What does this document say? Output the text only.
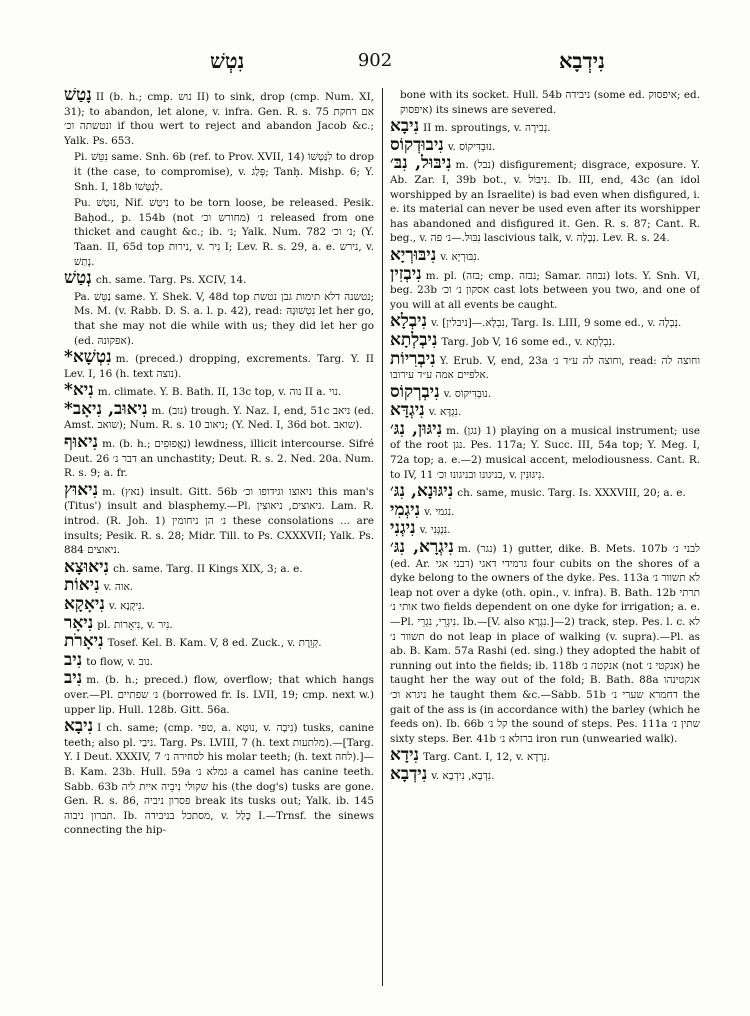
נִטְשׁ	902	נִידְבָא
נָטַשׁ II (b. h.; cmp. נוש II) to sink, drop (cmp. Num. XI, 31); to abandon, let alone, v. infra. Gen. R. s. 75 אם רחקת ונטשתה וכ׳ if thou wert to reject and abandon Jacob &c.; Yalk. Ps. 653.
Pi. נִטֵּשׁ same. Snh. 6b (ref. to Prov. XVII, 14) לִנַּטְּשׁוֹ to drop it (the case, to compromise), v. פְּלַג; Tanḥ. Mishp. 6; Y. Snh. I, 18b לִנַטְּשׁוֹ.
Pu. נוּטַשׁ, Nif. נִיטַשׁ to be torn loose, be released. Pesik. Baḥod., p. 154b (not מחורש וכ׳) נ׳ released from one thicket and caught &c.; ib. נ׳; Yalk. Num. 782 נ׳ וכ׳; (Y. Taan. II, 65d top נירות, v. נִיר I; Lev. R. s. 29, a. e. נירש, v. נָתַשׁ.
נְטַשׁ ch. same. Targ. Ps. XCIV, 14.
Pa. נַטֵּשׁ same. Y. Shek. V, 48d top נטשנה דלא תימות גבן נטשת; Ms. M. (v. Rabb. D. S. a. l. p. 42), read: נִטְשׁוּנָהּ let her go, that she may not die while with us; they did let her go (ed. אפקוּנהּ).
*נִטְשָׁא m. (preced.) dropping, excrements. Targ. Y. II Lev. I, 16 (h. text נוצה).
*נִיא m. climate. Y. B. Bath. II, 13c top, v. נוה II a. נוי.
*נִיאוּב, נִיאָב m. (נוב) trough. Y. Naz. I, end, 51c ניאב (ed. Amst. שואב); Num. R. s. 10 ניאוב; (Y. Ned. I, 36d bot. שואב).
נִיאוּף m. (b. h.; נַאֲפוּפִים) lewdness, illicit intercourse. Sifré Deut. 26 דבר נ׳ an unchastity; Deut. R. s. 2. Ned. 20a. Num. R. s. 9; a. fr.
נִיאוּץ m. (נאץ) insult. Gitt. 56b ניאוצו וגידופו וכ׳ this man's (Titus') insult and blasphemy.—Pl. ניאוצים, ניאוּצִין. Lam. R. introd. (R. Joh. 1) נ׳ הן ניחומין these consolations ... are insults; Pesik. R. s. 28; Midr. Till. to Ps. CXXXVII; Yalk. Ps. 884 ניאוצים.
נִיאוּצָא ch. same. Targ. II Kings XIX, 3; a. e.
נִיאוֹת v. אוה.
נִיאָקָא v. נִיקְנָא.
נִיאָר pl. נִיאָרוֹת, v. נִיִר.
נִיאָרֹת Tosef. Kel. B. Kam. V, 8 ed. Zuck., v. קְוֵרֶת.
נִיב to flow, v. נוב.
נִיב m. (b. h.; preced.) flow, overflow; that which hangs over.—Pl. נ׳ שפתיים (borrowed fr. Is. LVII, 19; cmp. next w.) upper lip. Hull. 128b. Gitt. 56a.
נִיבָא I ch. same; (cmp. טפי, a. נוּטָא, v. נִיבָה) tusks, canine teeth; also pl. ניבַי. Targ. Ps. LVIII, 7 (h. text מלתעות).—[Targ. Y. I Deut. XXXIV, 7 לסחירה נ׳ his molar teeth; (h. text לחה).]—B. Kam. 23b. Hull. 59a גמלא נ׳ a camel has canine teeth. Sabb. 63b שקולי נִיבֵיה איית ליה his (the dog's) tusks are gone. Gen. R. s. 86, פסרון ניביה break its tusks out; Yalk. ib. 145 תברון ניבוה. Ib. מסתכל בניבידה, v. כָּלַל I.—Trnsf. the sinews connecting the hip-
bone with its socket. Hull. 54b ניבידה (some ed. איפסוק; ed. איפסוק) its sinews are severed.
נִיבָא II m. sproutings, v. נְבִירָה.
נִיבוּדְקוֹס v. נוּבְדִּיקוֹס.
נִיבּוּל, נִבּ׳ m. (נבל) disfigurement; disgrace, exposure. Y. Ab. Zar. I, 39b bot., v. נִיבּוֹל. Ib. III, end, 43c (an idol worshipped by an Israelite) is bad even when disfigured, i. e. its material can never be used even after its worshipper has abandoned and disfigured it. Gen. R. s. 87; Cant. R. beg., v. נִבּוּל.—נ׳ פה lascivious talk, v. נְבָלָה. Lev. R. s. 24.
נִיבּוּרְיָא v. נִבּוּרְיָא.
נִיבְזִין m. pl. (בזה; cmp. נבזה; Samar. נבוזה) lots. Y. Snh. VI, beg. 23b אסקון נ׳ וכ׳ cast lots between you two, and one of you will at all events be caught.
נִיבְלָא v. נִבְלָא.—[ניבלין], Targ. Is. LIII, 9 some ed., v. נְבְלָה.
נִיבְלְתָא Targ. Job V, 16 some ed., v. נִבְלְתָא.
נִיבְרִיוֹת Y. Erub. V, end, 23a וחוצה לה ע״ד נ׳, read: וחוצה לה אלפיים אמה ע״ד עירובו.
נִיבְרְקוֹס v. נוּבְדִּיקוֹס.
נִיגְדָּא v. נִגְדָּא.
נִיגּוּן, נִגּ׳ m. (נגן) 1) playing on a musical instrument; use of the root נגן. Pes. 117a; Y. Succ. III, 54a top; Y. Meg. I, 72a top; a. e.—2) musical accent, melodiousness. Cant. R. to IV, 11 בניגונו ובניגונו וכ׳, v. נִיגוּנִין.
נִיגּוּנָא, נִגּ׳ ch. same, music. Targ. Is. XXXVIII, 20; a. e.
נִיגְמִי v. נגמי.
נִיגְנִי v. נִנְגְּנִי.
נִיגְרָא, נִגּ׳ m. (נגר) 1) gutter, dike. B. Mets. 107b לבני נ׳ (ed. Ar. דבני אגי) גרמידי דאגי four cubits on the shores of a dyke belong to the owners of the dyke. Pes. 113a לא תשוור נ׳ leap not over a dyke (oth. opin., v. infra). B. Bath. 12b תרתי אותי נ׳ two fields dependent on one dyke for irrigation; a. e.—Pl. נִיגְרֵי, נִגְרֵי. Ib.—[V. also נִגְרָא.]—2) track, step. Pes. l. c. לא תשוור נ׳ do not leap in place of walking (v. supra).—Pl. as ab. B. Kam. 57a Rashi (ed. sing.) they adopted the habit of running out into the fields; ib. 118b אנקטה נ׳ (not אנקטי נ׳) he taught her the way out of the fold; B. Bath. 88a אנקטינהו ניגרא וכ׳ he taught them &c.—Sabb. 51b דחמרא שערי נ׳ the gait of the ass is (in accordance with) the barley (which he feeds on). Ib. 66b קל נ׳ the sound of steps. Pes. 111a שתין נ׳ sixty steps. Ber. 41b ברזלא נ׳ iron run (unwearied walk).
נִידָא Targ. Cant. I, 12, v. נִרְדָא.
נִידְבָא v. נִדְבָא, נִידְבָא.
